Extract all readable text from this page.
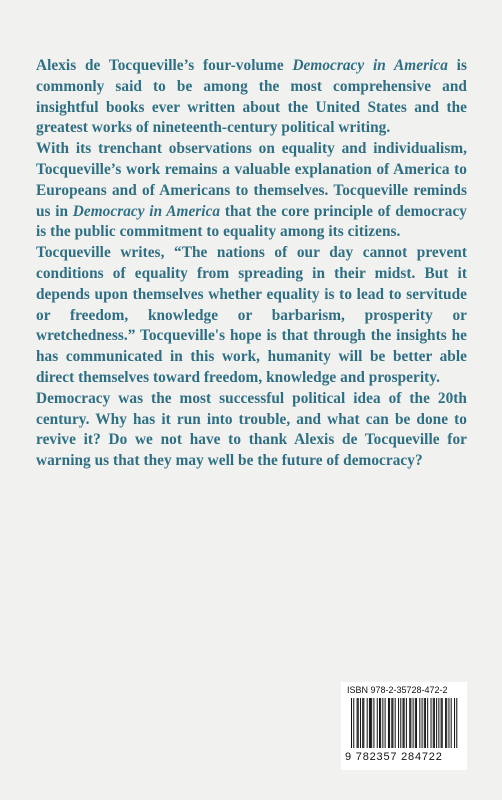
Alexis de Tocqueville’s four-volume Democracy in America is commonly said to be among the most comprehensive and insightful books ever written about the United States and the greatest works of nineteenth-century political writing.

With its trenchant observations on equality and individualism, Tocqueville’s work remains a valuable explanation of America to Europeans and of Americans to themselves. Tocqueville reminds us in Democracy in America that the core principle of democracy is the public commitment to equality among its citizens.

Tocqueville writes, “The nations of our day cannot prevent conditions of equality from spreading in their midst. But it depends upon themselves whether equality is to lead to servitude or freedom, knowledge or barbarism, prosperity or wretchedness.” Tocqueville's hope is that through the insights he has communicated in this work, humanity will be better able direct themselves toward freedom, knowledge and prosperity.

Democracy was the most successful political idea of the 20th century. Why has it run into trouble, and what can be done to revive it? Do we not have to thank Alexis de Tocqueville for warning us that they may well be the future of democracy?

ISBN 978-2-35728-472-2
9 782357 284722
